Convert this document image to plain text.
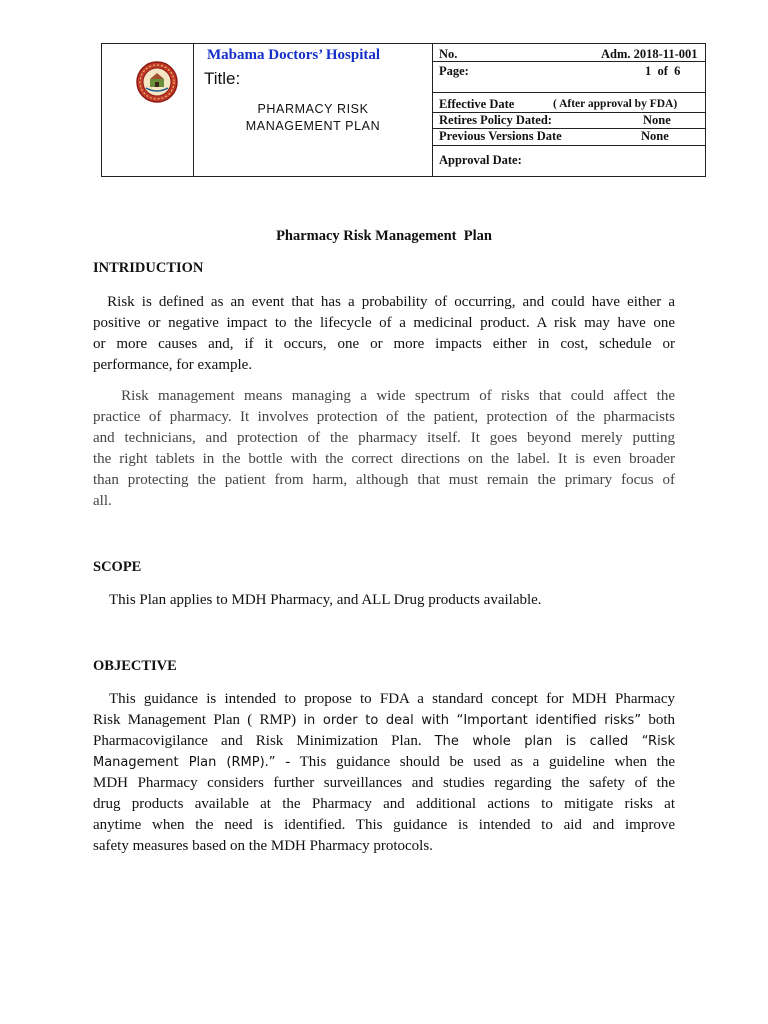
Mabama Doctors’ Hospital
Title:
PHARMACY RISK
MANAGEMENT PLAN

No.	Adm. 2018-11-001
Page:	1  of  6
Effective Date	( After approval by FDA)
Retires Policy Dated:	None
Previous Versions Date	None
Approval Date:
Pharmacy Risk Management  Plan
INTRIDUCTION

Risk is defined as an event that has a probability of occurring, and could have either a
positive or negative impact to the lifecycle of a medicinal product. A risk may have one
or more causes and, if it occurs, one or more impacts either in cost, schedule or
performance, for example.

Risk management means managing a wide spectrum of risks that could affect the
practice of pharmacy. It involves protection of the patient, protection of the pharmacists
and technicians, and protection of the pharmacy itself. It goes beyond merely putting
the right tablets in the bottle with the correct directions on the label. It is even broader
than protecting the patient from harm, although that must remain the primary focus of
all.

SCOPE
This Plan applies to MDH Pharmacy, and ALL Drug products available.
OBJECTIVE

This guidance is intended to propose to FDA a standard concept for MDH Pharmacy
Risk Management Plan ( RMP) in order to deal with “Important identified risks” both
Pharmacovigilance and Risk Minimization Plan. The whole plan is called “Risk
Management Plan (RMP).” - This guidance should be used as a guideline when the
MDH Pharmacy considers further surveillances and studies regarding the safety of the
drug products available at the Pharmacy and additional actions to mitigate risks at
anytime when the need is identified. This guidance is intended to aid and improve
safety measures based on the MDH Pharmacy protocols.
